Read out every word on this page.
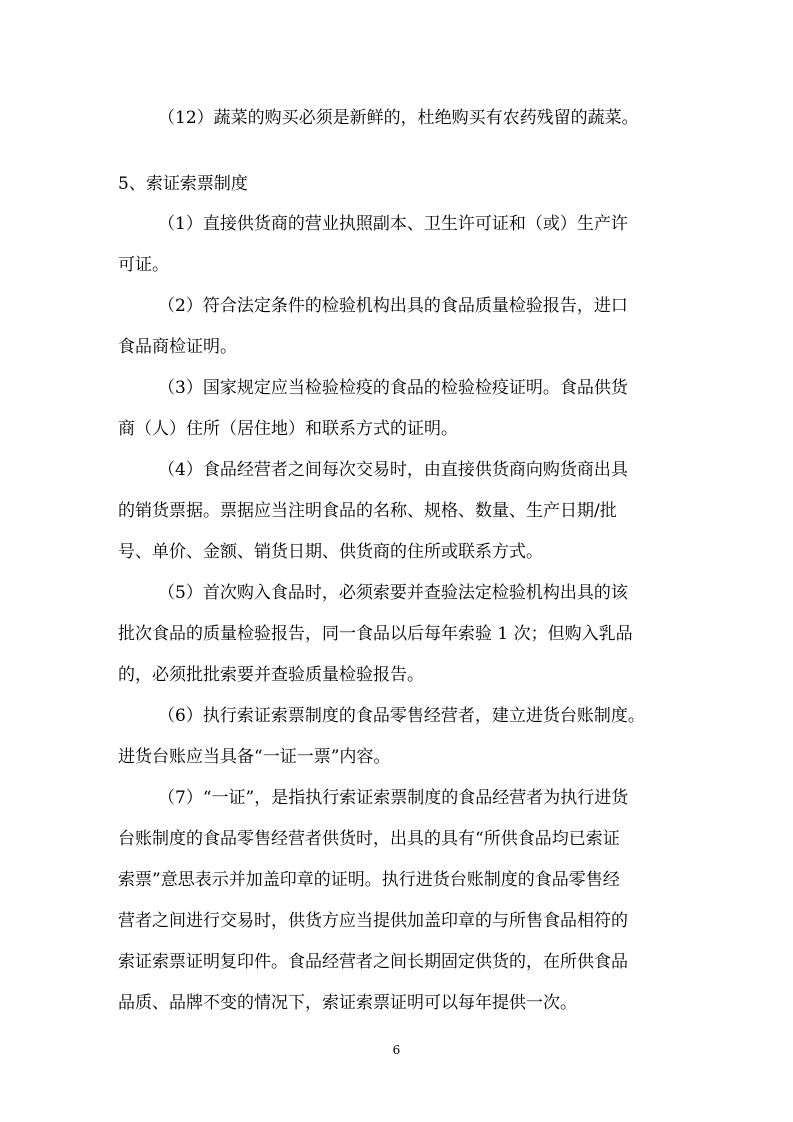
（12）蔬菜的购买必须是新鲜的，杜绝购买有农药残留的蔬菜。
5、索证索票制度
（1）直接供货商的营业执照副本、卫生许可证和（或）生产许
可证。
（2）符合法定条件的检验机构出具的食品质量检验报告，进口
食品商检证明。
（3）国家规定应当检验检疫的食品的检验检疫证明。食品供货
商（人）住所（居住地）和联系方式的证明。
（4）食品经营者之间每次交易时，由直接供货商向购货商出具
的销货票据。票据应当注明食品的名称、规格、数量、生产日期/批
号、单价、金额、销货日期、供货商的住所或联系方式。
（5）首次购入食品时，必须索要并查验法定检验机构出具的该
批次食品的质量检验报告，同一食品以后每年索验 1 次；但购入乳品
的，必须批批索要并查验质量检验报告。
（6）执行索证索票制度的食品零售经营者，建立进货台账制度。
进货台账应当具备“一证一票”内容。
（7）“一证”，是指执行索证索票制度的食品经营者为执行进货
台账制度的食品零售经营者供货时，出具的具有“所供食品均已索证
索票”意思表示并加盖印章的证明。执行进货台账制度的食品零售经
营者之间进行交易时，供货方应当提供加盖印章的与所售食品相符的
索证索票证明复印件。食品经营者之间长期固定供货的，在所供食品
品质、品牌不变的情况下，索证索票证明可以每年提供一次。
6
